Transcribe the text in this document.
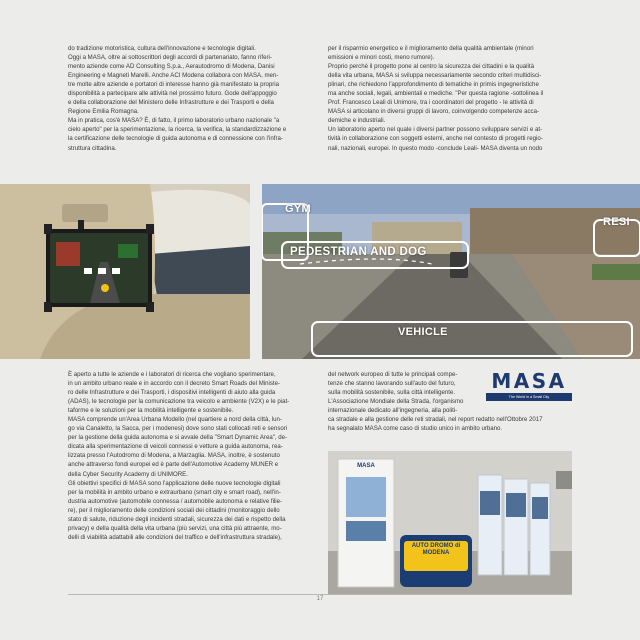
do tradizione motoristica, cultura dell'innovazione e tecnologie digitali.

Oggi a MASA, oltre ai sottoscrittori degli accordi di partenariato, fanno riferi-

mento aziende come AD Consulting S.p.a., Aerautodromo di Modena, Danisi

Engineering e Magneti Marelli. Anche ACI Modena collabora con MASA, men-

tre molte altre aziende e portatori di interesse hanno già manifestato la propria

disponibilità a partecipare alle attività nel prossimo futuro. Gode dell'appoggio

e della collaborazione del Ministero delle Infrastrutture e dei Trasporti e della

Regione Emilia Romagna.

Ma in pratica, cos'è MASA? È, di fatto, il primo laboratorio urbano nazionale "a

cielo aperto" per la sperimentazione, la ricerca, la verifica, la standardizzazione e

la certificazione delle tecnologie di guida autonoma e di connessione con l'infra-

struttura cittadina.

per il risparmio energetico e il miglioramento della qualità ambientale (minori

emissioni e minori costi, meno rumore).

Proprio perché il progetto pone al centro la sicurezza dei cittadini e la qualità

della vita urbana, MASA si sviluppa necessariamente secondo criteri multidisci-

plinari, che richiedono l'approfondimento di tematiche in primis ingegneristiche

ma anche sociali, legali, ambientali e mediche. "Per questa ragione -sottolinea il

Prof. Francesco Leali di Unimore, tra i coordinatori del progetto - le attività di

MASA si articolano in diversi gruppi di lavoro, coinvolgendo competenze acca-

demiche e industriali.

Un laboratorio aperto nel quale i diversi partner possono sviluppare servizi e at-

tività in collaborazione con soggetti esterni, anche nel contesto di progetti regio-

nali, nazionali, europei. In questo modo -conclude Leali- MASA diventa un nodo

GYM
PEDESTRIAN AND DOG
VEHICLE
RESI

È aperto a tutte le aziende e i laboratori di ricerca che vogliano sperimentare,

in un ambito urbano reale e in accordo con il decreto Smart Roads del Ministe-

ro delle Infrastrutture e dei Trasporti, i dispositivi intelligenti di aiuto alla guida

(ADAS), le tecnologie per la comunicazione tra veicolo e ambiente (V2X) e le piat-

taforme e le soluzioni per la mobilità intelligente e sostenibile.

MASA comprende un'Area Urbana Modello (nel quartiere a nord della città, lun-

go via Canaletto, la Sacca, per i modenesi) dove sono stati collocati reti e sensori

per la gestione della guida autonoma e si avvale della "Smart Dynamic Area", de-

dicata alla sperimentazione di veicoli connessi e vetture a guida autonoma, rea-

lizzata presso l'Autodromo di Modena, a Marzaglia. MASA, inoltre, è sostenuto

anche attraverso fondi europei ed è parte dell'Automotive Academy MUNER e

della Cyber Security Academy di UNIMORE.

Gli obiettivi specifici di MASA sono l'applicazione delle nuove tecnologie digitali

per la mobilità in ambito urbano e extraurbano (smart city e smart road), nell'in-

dustria automotive (automobile connessa / automobile autonoma e relative filie-

re), per il miglioramento delle condizioni sociali dei cittadini (monitoraggio dello

stato di salute, riduzione degli incidenti stradali, sicurezza dei dati e rispetto della

privacy) e della qualità della vita urbana (più servizi, una città più attraente, mo-

delli di viabilità adattabili alle condizioni del traffico e dell'infrastruttura stradale),

del network europeo di tutte le principali compe-

tenze che stanno lavorando sull'auto del futuro,

sulla mobilità sostenibile, sulla città intelligente.

L'Associazione Mondiale della Strada, l'organismo

internazionale dedicato all'ingegneria, alla politi-

ca stradale e alla gestione delle reti stradali, nel report redatto nell'Ottobre 2017

ha segnalato MASA come caso di studio unico in ambito urbano.

MASA
The World in a Small City
MASA
AUTO DROMO di MODENA
17
